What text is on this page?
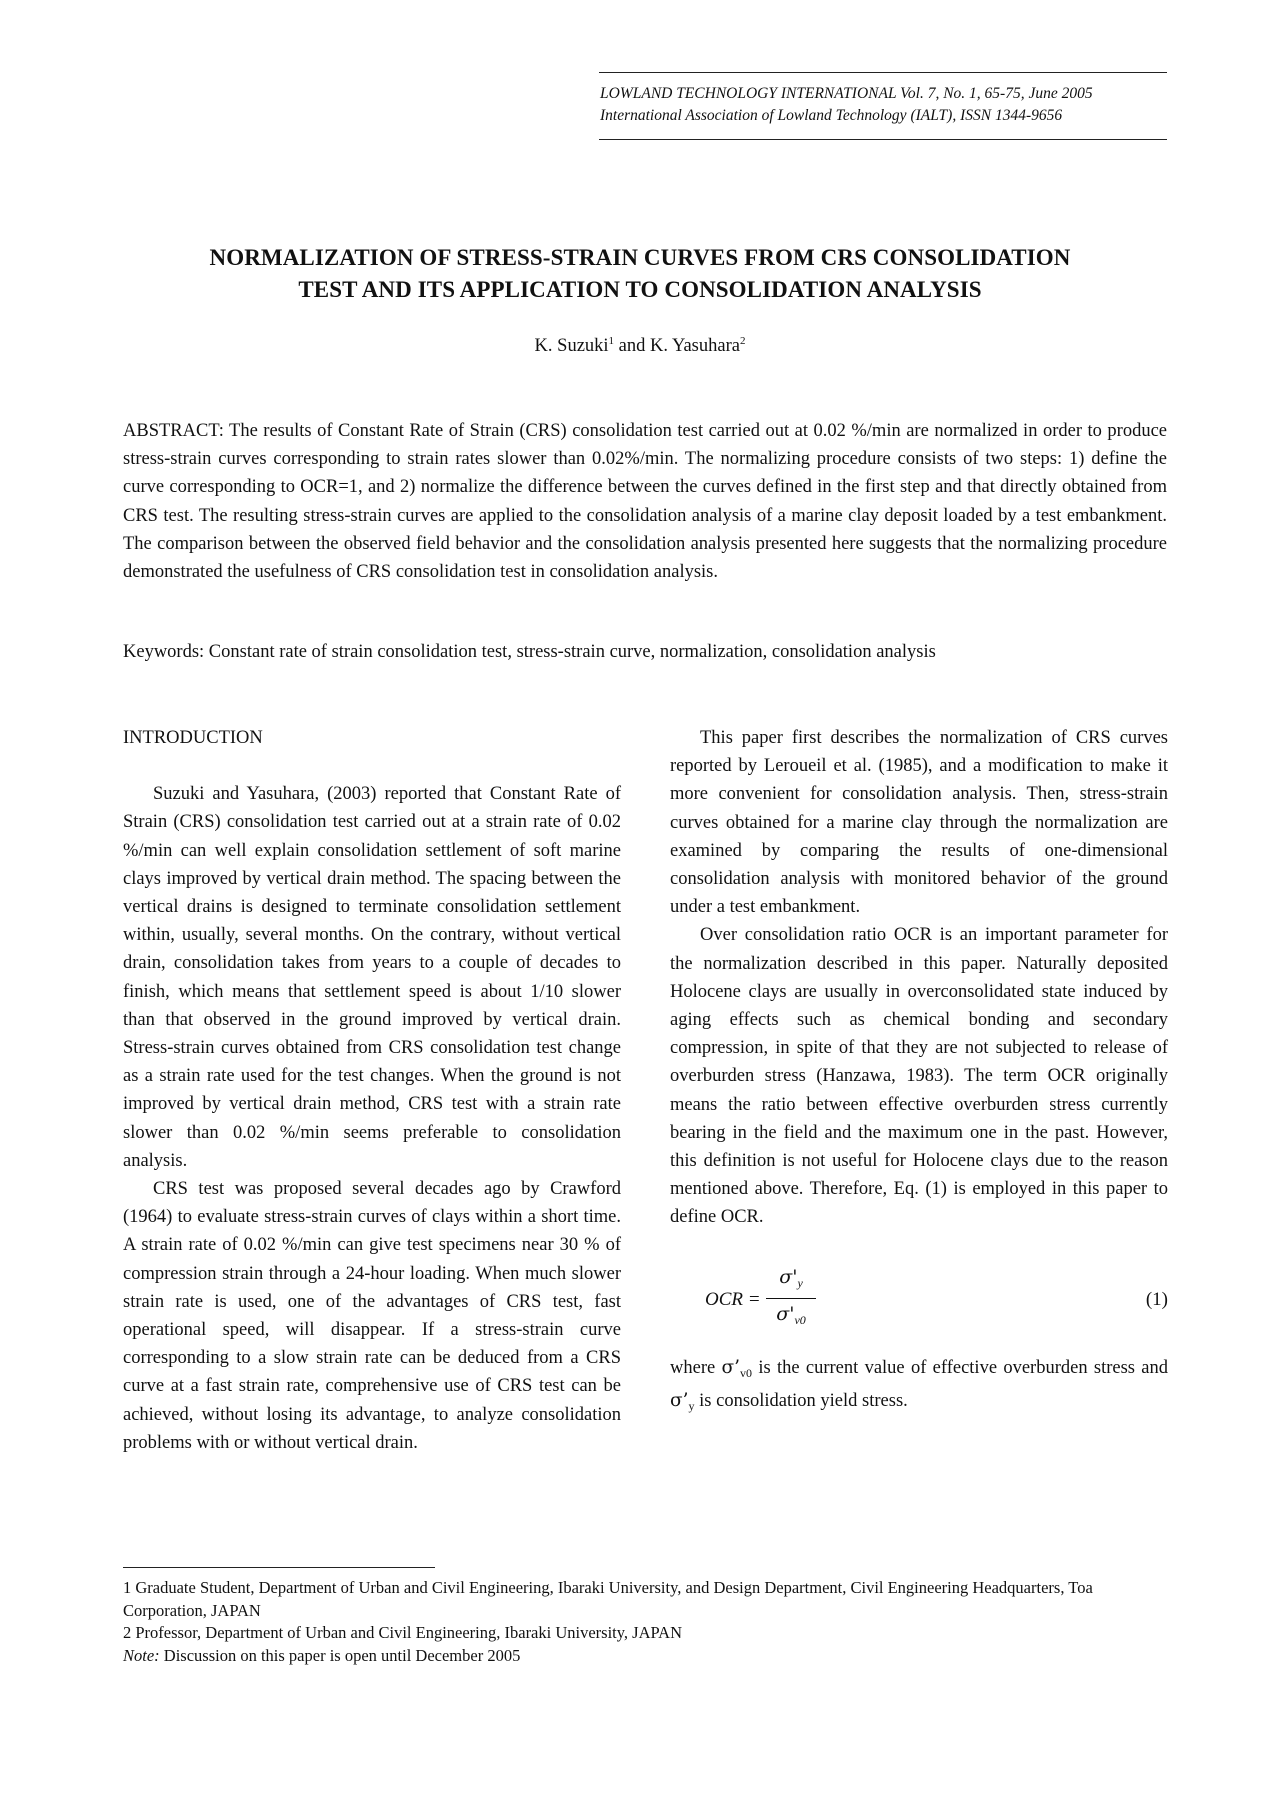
LOWLAND TECHNOLOGY INTERNATIONAL Vol. 7, No. 1, 65-75, June 2005
International Association of Lowland Technology (IALT), ISSN 1344-9656
NORMALIZATION OF STRESS-STRAIN CURVES FROM CRS CONSOLIDATION
TEST AND ITS APPLICATION TO CONSOLIDATION ANALYSIS
K. Suzuki$^1$ and K. Yasuhara$^2$
ABSTRACT: The results of Constant Rate of Strain (CRS) consolidation test carried out at 0.02 %/min are normalized in order to produce stress-strain curves corresponding to strain rates slower than 0.02%/min. The normalizing procedure consists of two steps: 1) define the curve corresponding to OCR=1, and 2) normalize the difference between the curves defined in the first step and that directly obtained from CRS test. The resulting stress-strain curves are applied to the consolidation analysis of a marine clay deposit loaded by a test embankment. The comparison between the observed field behavior and the consolidation analysis presented here suggests that the normalizing procedure demonstrated the usefulness of CRS consolidation test in consolidation analysis.
Keywords: Constant rate of strain consolidation test, stress-strain curve, normalization, consolidation analysis
INTRODUCTION

Suzuki and Yasuhara, (2003) reported that Constant Rate of Strain (CRS) consolidation test carried out at a strain rate of 0.02 %/min can well explain consolidation settlement of soft marine clays improved by vertical drain method. The spacing between the vertical drains is designed to terminate consolidation settlement within, usually, several months. On the contrary, without vertical drain, consolidation takes from years to a couple of decades to finish, which means that settlement speed is about 1/10 slower than that observed in the ground improved by vertical drain. Stress-strain curves obtained from CRS consolidation test change as a strain rate used for the test changes. When the ground is not improved by vertical drain method, CRS test with a strain rate slower than 0.02 %/min seems preferable to consolidation analysis.

CRS test was proposed several decades ago by Crawford (1964) to evaluate stress-strain curves of clays within a short time. A strain rate of 0.02 %/min can give test specimens near 30 % of compression strain through a 24-hour loading. When much slower strain rate is used, one of the advantages of CRS test, fast operational speed, will disappear. If a stress-strain curve corresponding to a slow strain rate can be deduced from a CRS curve at a fast strain rate, comprehensive use of CRS test can be achieved, without losing its advantage, to analyze consolidation problems with or without vertical drain.

This paper first describes the normalization of CRS curves reported by Leroueil et al. (1985), and a modification to make it more convenient for consolidation analysis. Then, stress-strain curves obtained for a marine clay through the normalization are examined by comparing the results of one-dimensional consolidation analysis with monitored behavior of the ground under a test embankment.

Over consolidation ratio OCR is an important parameter for the normalization described in this paper. Naturally deposited Holocene clays are usually in overconsolidated state induced by aging effects such as chemical bonding and secondary compression, in spite of that they are not subjected to release of overburden stress (Hanzawa, 1983). The term OCR originally means the ratio between effective overburden stress currently bearing in the field and the maximum one in the past. However, this definition is not useful for Holocene clays due to the reason mentioned above. Therefore, Eq. (1) is employed in this paper to define OCR.

OCR =
$\sigma'_y$
$\sigma'_{v0}$
(1)

where $\sigma’_{v0}$ is the current value of effective overburden stress and $\sigma’_y$ is consolidation yield stress.

1 Graduate Student, Department of Urban and Civil Engineering, Ibaraki University, and Design Department, Civil Engineering Headquarters, Toa Corporation, JAPAN
2 Professor, Department of Urban and Civil Engineering, Ibaraki University, JAPAN
Note: Discussion on this paper is open until December 2005
